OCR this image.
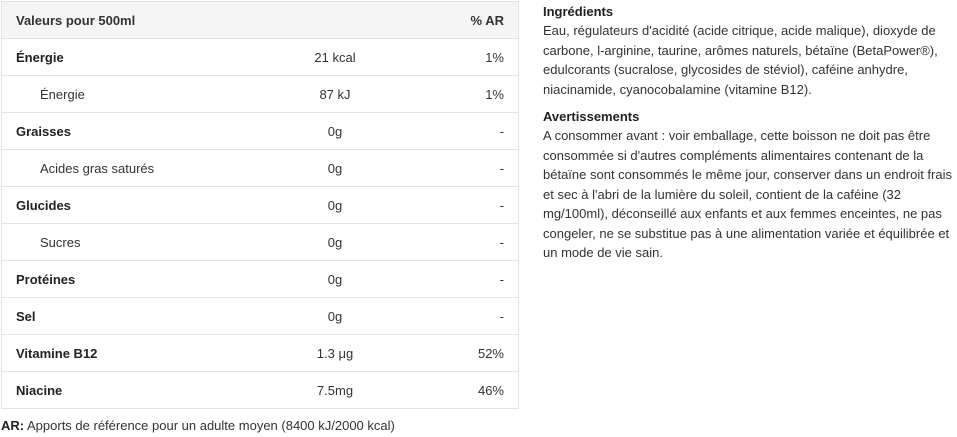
Valeurs pour 500ml		% AR
Énergie	21 kcal	1%
Énergie	87 kJ	1%
Graisses	0g	-
Acides gras saturés	0g	-
Glucides	0g	-
Sucres	0g	-
Protéines	0g	-
Sel	0g	-
Vitamine B12	1.3 μg	52%
Niacine	7.5mg	46%
AR: Apports de référence pour un adulte moyen (8400 kJ/2000 kcal)
Ingrédients

Eau, régulateurs d'acidité (acide citrique, acide malique), dioxyde de carbone, l-arginine, taurine, arômes naturels, bétaïne (BetaPower®), edulcorants (sucralose, glycosides de stéviol), caféine anhydre, niacinamide, cyanocobalamine (vitamine B12).

Avertissements

A consommer avant : voir emballage, cette boisson ne doit pas être consommée si d'autres compléments alimentaires contenant de la bétaïne sont consommés le même jour, conserver dans un endroit frais et sec à l'abri de la lumière du soleil, contient de la caféine (32 mg/100ml), déconseillé aux enfants et aux femmes enceintes, ne pas congeler, ne se substitue pas à une alimentation variée et équilibrée et un mode de vie sain.
